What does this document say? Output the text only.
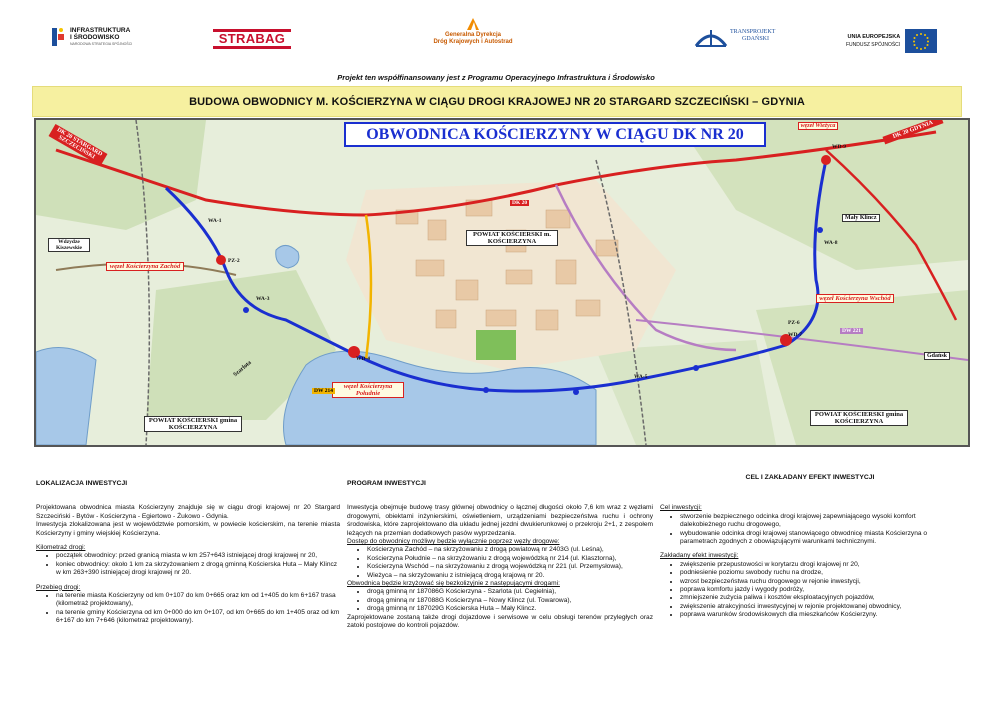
INFRASTRUKTURA
I ŚRODOWISKO
NARODOWA STRATEGIA SPÓJNOŚCI	STRABAG	Generalna Dyrekcja
Dróg Krajowych i Autostrad
TRANSPROJEKT
GDAŃSKI	UNIA EUROPEJSKA
FUNDUSZ SPÓJNOŚCI
Projekt ten współfinansowany jest z Programu Operacyjnego Infrastruktura i Środowisko
BUDOWA OBWODNICY M. KOŚCIERZYNA W CIĄGU DROGI KRAJOWEJ NR 20 STARGARD SZCZECIŃSKI – GDYNIA
OBWODNICA KOŚCIERZYNY W CIĄGU DK NR 20
DK 20 STARGARD SZCZECIŃSKI
DK 20 GDYNIA
węzeł Kościerzyna Zachód
węzeł Kościerzyna Wschód
węzeł Kościerzyna Południe
węzeł Wieżyca
POWIAT KOŚCIERSKI m. KOŚCIERZYNA
POWIAT KOŚCIERSKI gmina KOŚCIERZYNA
POWIAT KOŚCIERSKI gmina KOŚCIERZYNA
Mały Klincz
Wdzydze Kiszewskie
Gdańsk
Szarlota
DK 20
DW 214
DW 221
WA-1
PZ-2
WA-3
WD-4
WA-5
PZ-6
WD-7
WA-8
WD-9
LOKALIZACJA INWESTYCJI

Projektowana obwodnica miasta Kościerzyny znajduje się w ciągu drogi krajowej nr 20 Stargard Szczeciński - Bytów - Kościerzyna - Egiertowo - Żukowo - Gdynia.

Inwestycja zlokalizowana jest w województwie pomorskim, w powiecie kościerskim, na terenie miasta Kościerzyny i gminy wiejskiej Kościerzyna.

Kilometraż drogi:
• początek obwodnicy: przed granicą miasta w km 257+643 istniejącej drogi krajowej nr 20,
• koniec obwodnicy: około 1 km za skrzyżowaniem z drogą gminną Kościerska Huta – Mały Klincz w km 263+390 istniejącej drogi krajowej nr 20.
Przebieg drogi:
• na terenie miasta Kościerzyny od km 0+107 do km 0+665 oraz km od 1+405 do km 6+167 trasa (kilometraż projektowany),
• na terenie gminy Kościerzyna od km 0+000 do km 0+107, od km 0+665 do km 1+405 oraz od km 6+167 do km 7+646 (kilometraż projektowany).
PROGRAM INWESTYCJI

Inwestycja obejmuje budowę trasy głównej obwodnicy o łącznej długości około 7,6 km wraz z węzłami drogowymi, obiektami inżynierskimi, oświetleniem, urządzeniami bezpieczeństwa ruchu i ochrony środowiska, które zaprojektowano dla układu jednej jezdni dwukierunkowej o przekroju 2+1, z zespołem leżących na przemian dodatkowych pasów wyprzedzania.

Dostęp do obwodnicy możliwy będzie wyłącznie poprzez węzły drogowe:
• Kościerzyna Zachód – na skrzyżowaniu z drogą powiatową nr 2403G (ul. Leśna),
• Kościerzyna Południe – na skrzyżowaniu z drogą wojewódzką nr 214 (ul. Klasztorna),
• Kościerzyna Wschód – na skrzyżowaniu z drogą wojewódzką nr 221 (ul. Przemysłowa),
• Wieżyca – na skrzyżowaniu z istniejącą drogą krajową nr 20.
Obwodnica będzie krzyżować się bezkolizyjnie z następującymi drogami:
• drogą gminną nr 187086G Kościerzyna - Szarlota (ul. Cegielnia),
• drogą gminną nr 187088G Kościerzyna – Nowy Klincz (ul. Towarowa),
• drogą gminną nr 187029G Kościerska Huta – Mały Klincz.

Zaprojektowane zostaną także drogi dojazdowe i serwisowe w celu obsługi terenów przyległych oraz zatoki postojowe do kontroli pojazdów.

CEL I ZAKŁADANY EFEKT INWESTYCJI
Cel inwestycji:
• stworzenie bezpiecznego odcinka drogi krajowej zapewniającego wysoki komfort dalekobieżnego ruchu drogowego,
• wybudowanie odcinka drogi krajowej stanowiącego obwodnicę miasta Kościerzyna o parametrach zgodnych z obowiązującymi warunkami technicznymi.
Zakładany efekt inwestycji:
• zwiększenie przepustowości w korytarzu drogi krajowej nr 20,
• podniesienie poziomu swobody ruchu na drodze,
• wzrost bezpieczeństwa ruchu drogowego w rejonie inwestycji,
• poprawa komfortu jazdy i wygody podróży,
• zmniejszenie zużycia paliwa i kosztów eksploatacyjnych pojazdów,
• zwiększenie atrakcyjności inwestycyjnej w rejonie projektowanej obwodnicy,
• poprawa warunków środowiskowych dla mieszkańców Kościerzyny.
